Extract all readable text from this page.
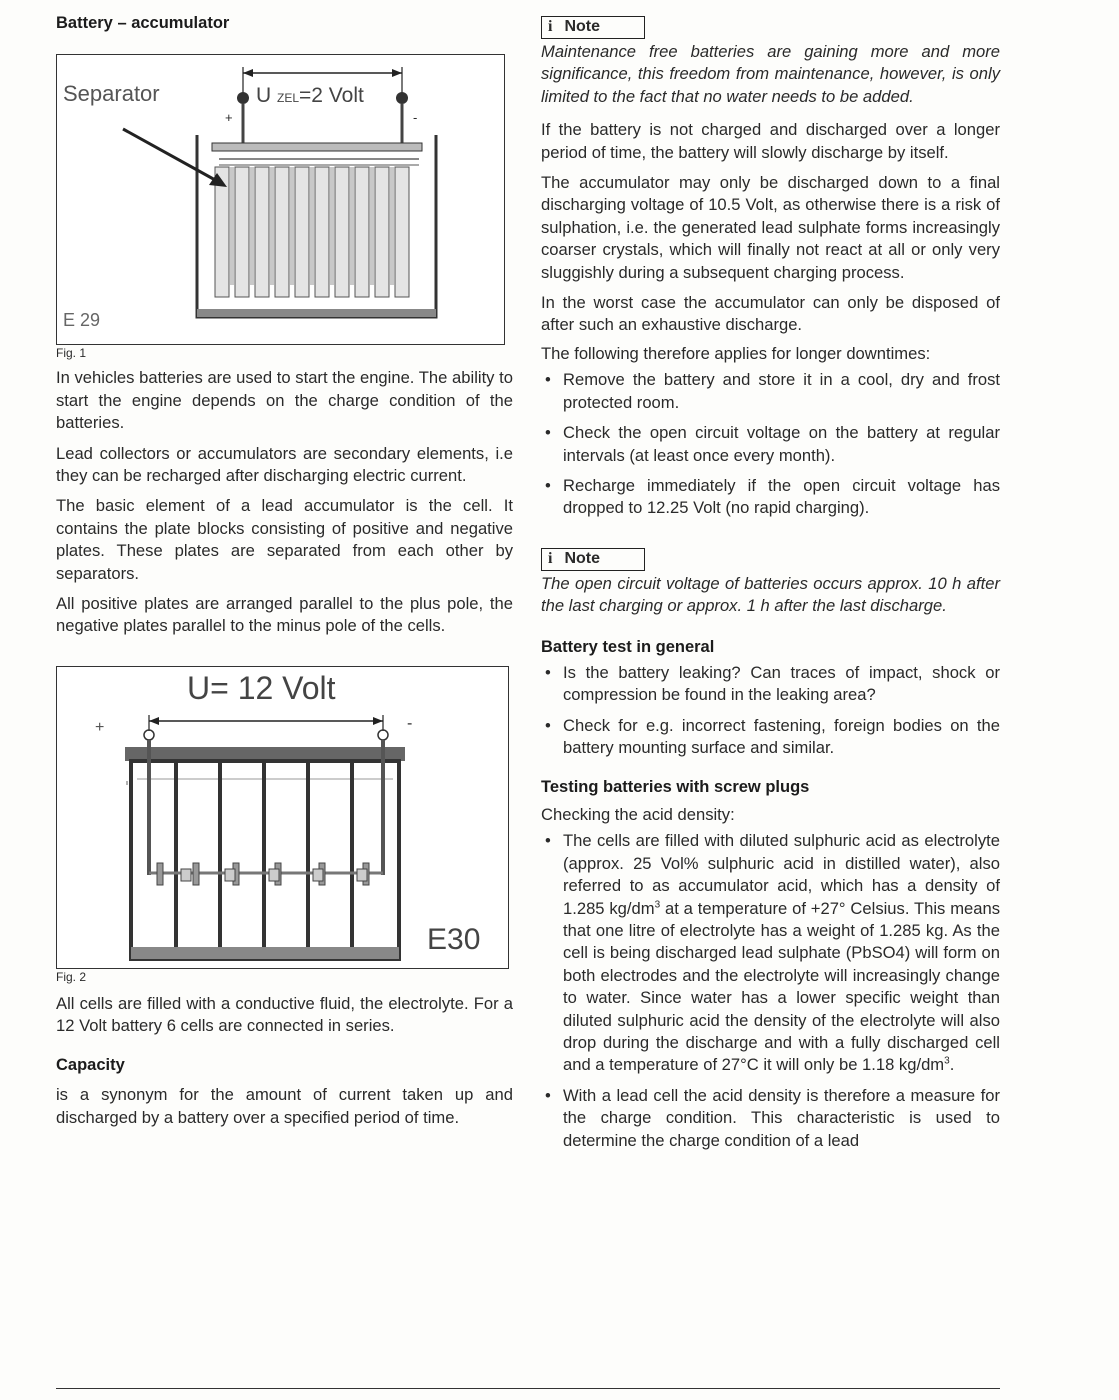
Battery – accumulator
Separator
+	-
U ZEL=2 Volt
E 29
Fig. 1

In vehicles batteries are used to start the engine. The ability to start the engine depends on the charge condition of the batteries.

Lead collectors or accumulators are secondary elements, i.e they can be recharged after discharging electric current.

The basic element of a lead accumulator is the cell. It contains the plate blocks consisting of positive and negative plates. These plates are separated from each other by separators.

All positive plates are arranged parallel to the plus pole, the negative plates parallel to the minus pole of the cells.

+	-
U= 12 Volt
E30
Fig. 2

All cells are filled with a conductive fluid, the electrolyte. For a 12 Volt battery 6 cells are connected in series.

Capacity

is a synonym for the amount of current taken up and discharged by a battery over a specified period of time.

i Note

Maintenance free batteries are gaining more and more significance, this freedom from maintenance, however, is only limited to the fact that no water needs to be added.

If the battery is not charged and discharged over a longer period of time, the battery will slowly discharge by itself.

The accumulator may only be discharged down to a final discharging voltage of 10.5 Volt, as otherwise there is a risk of sulphation, i.e. the generated lead sulphate forms increasingly coarser crystals, which will finally not react at all or only very sluggishly during a subsequent charging process.

In the worst case the accumulator can only be disposed of after such an exhaustive discharge.

The following therefore applies for longer downtimes:

• Remove the battery and store it in a cool, dry and frost protected room.
• Check the open circuit voltage on the battery at regular intervals (at least once every month).
• Recharge immediately if the open circuit voltage has dropped to 12.25 Volt (no rapid charging).
i Note

The open circuit voltage of batteries occurs approx. 10 h after the last charging or approx. 1 h after the last discharge.

Battery test in general
• Is the battery leaking? Can traces of impact, shock or compression be found in the leaking area?
• Check for e.g. incorrect fastening, foreign bodies on the battery mounting surface and similar.
Testing batteries with screw plugs

Checking the acid density:

• The cells are filled with diluted sulphuric acid as electrolyte (approx. 25 Vol% sulphuric acid in distilled water), also referred to as accumulator acid, which has a density of 1.285 $kg/dm^3$ at a temperature of +27° Celsius. This means that one litre of electrolyte has a weight of 1.285 kg. As the cell is being discharged lead sulphate (PbSO4) will form on both electrodes and the electrolyte will increasingly change to water. Since water has a lower specific weight than diluted sulphuric acid the density of the electrolyte will also drop during the discharge and with a fully discharged cell and a temperature of 27°C it will only be 1.18 $kg/dm^3$.
• With a lead cell the acid density is therefore a measure for the charge condition. This characteristic is used to determine the charge condition of a lead
